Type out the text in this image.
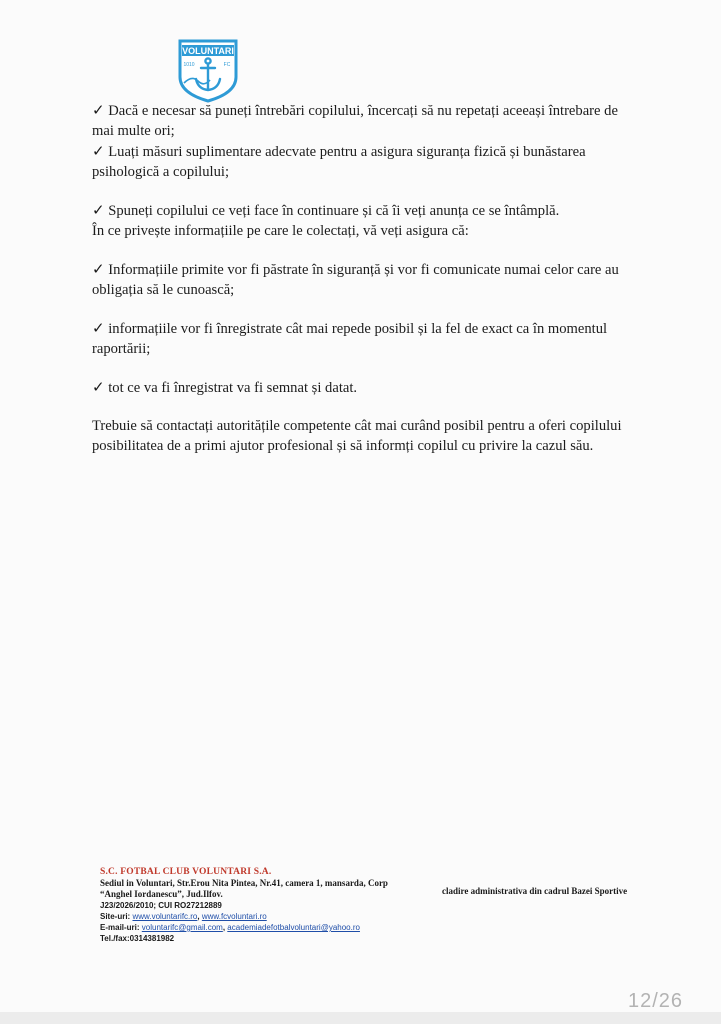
VOLUNTARI
1010	FC

✓ Dacă e necesar să puneți întrebări copilului, încercați să nu repetați aceeași întrebare de mai multe ori;

✓ Luați măsuri suplimentare adecvate pentru a asigura siguranța fizică și bunăstarea psihologică a copilului;

✓ Spuneți copilului ce veți face în continuare și că îi veți anunța ce se întâmplă.

În ce privește informațiile pe care le colectați, vă veți asigura că:

✓ Informațiile primite vor fi păstrate în siguranță și vor fi comunicate numai celor care au obligația să le cunoască;

✓ informațiile vor fi înregistrate cât mai repede posibil și la fel de exact ca în momentul raportării;

✓ tot ce va fi înregistrat va fi semnat și datat.

Trebuie să contactați autoritățile competente cât mai curând posibil pentru a oferi copilului posibilitatea de a primi ajutor profesional și să informți copilul cu privire la cazul său.

S.C. FOTBAL CLUB VOLUNTARI S.A.
Sediul in Voluntari, Str.Erou Nita Pintea, Nr.41, camera 1, mansarda, Corp “Anghel Iordanescu”, Jud.Ilfov.
J23/2026/2010; CUI RO27212889
Site-uri: www.voluntarifc.ro, www.fcvoluntari.ro
E-mail-uri: voluntarifc@gmail.com, academiadefotbalvoluntari@yahoo.ro
Tel./fax:0314381982
cladire administrativa din cadrul Bazei Sportive
12/26
